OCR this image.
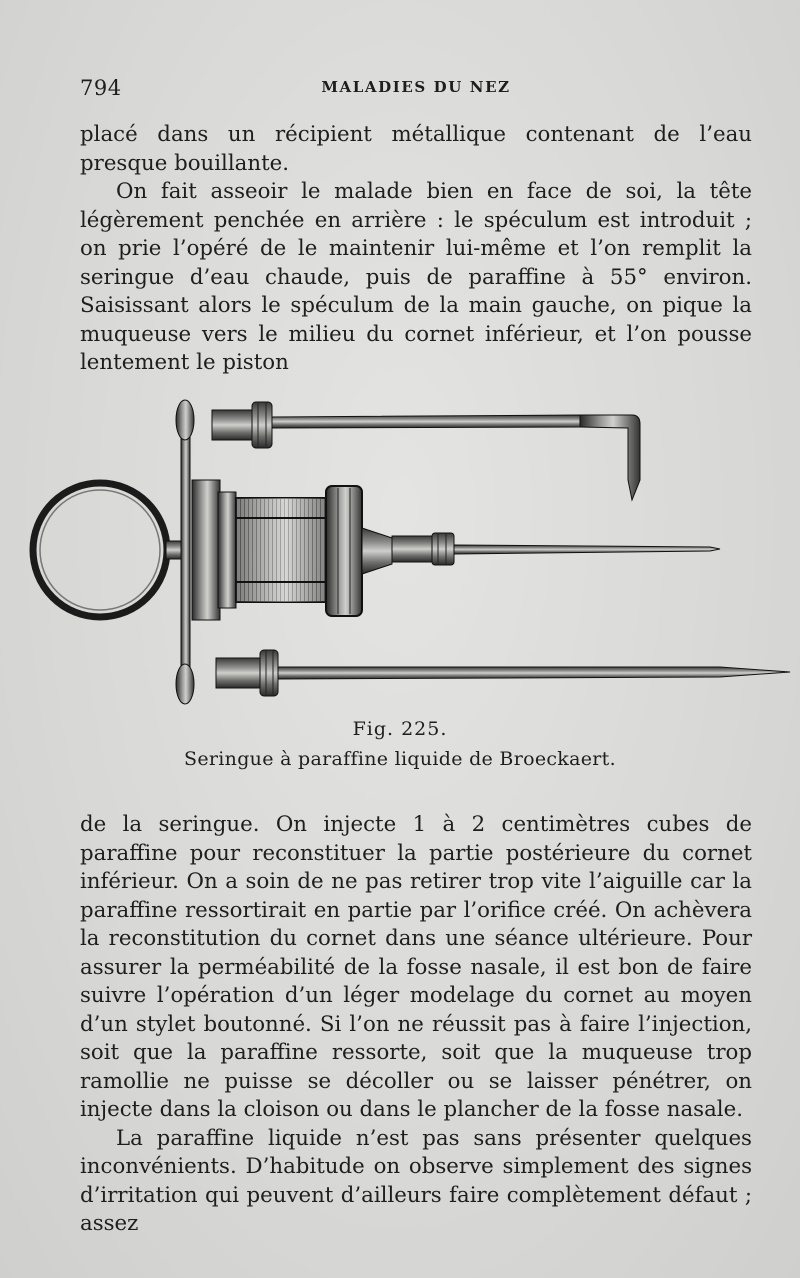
794	MALADIES DU NEZ

placé dans un récipient métallique contenant de l’eau presque bouillante.

On fait asseoir le malade bien en face de soi, la tête légèrement penchée en arrière : le spéculum est introduit ; on prie l’opéré de le maintenir lui-même et l’on remplit la seringue d’eau chaude, puis de paraffine à 55° environ. Saisissant alors le spéculum de la main gauche, on pique la muqueuse vers le milieu du cornet inférieur, et l’on pousse lentement le piston

Fig. 225.
Seringue à paraffine liquide de Broeckaert.

de la seringue. On injecte 1 à 2 centimètres cubes de paraffine pour reconstituer la partie postérieure du cornet inférieur. On a soin de ne pas retirer trop vite l’aiguille car la paraffine ressortirait en partie par l’orifice créé. On achèvera la reconstitution du cornet dans une séance ultérieure. Pour assurer la perméabilité de la fosse nasale, il est bon de faire suivre l’opération d’un léger modelage du cornet au moyen d’un stylet boutonné. Si l’on ne réussit pas à faire l’injection, soit que la paraffine ressorte, soit que la muqueuse trop ramollie ne puisse se décoller ou se laisser pénétrer, on injecte dans la cloison ou dans le plancher de la fosse nasale.

La paraffine liquide n’est pas sans présenter quelques inconvénients. D’habitude on observe simplement des signes d’irritation qui peuvent d’ailleurs faire complètement défaut ; assez
